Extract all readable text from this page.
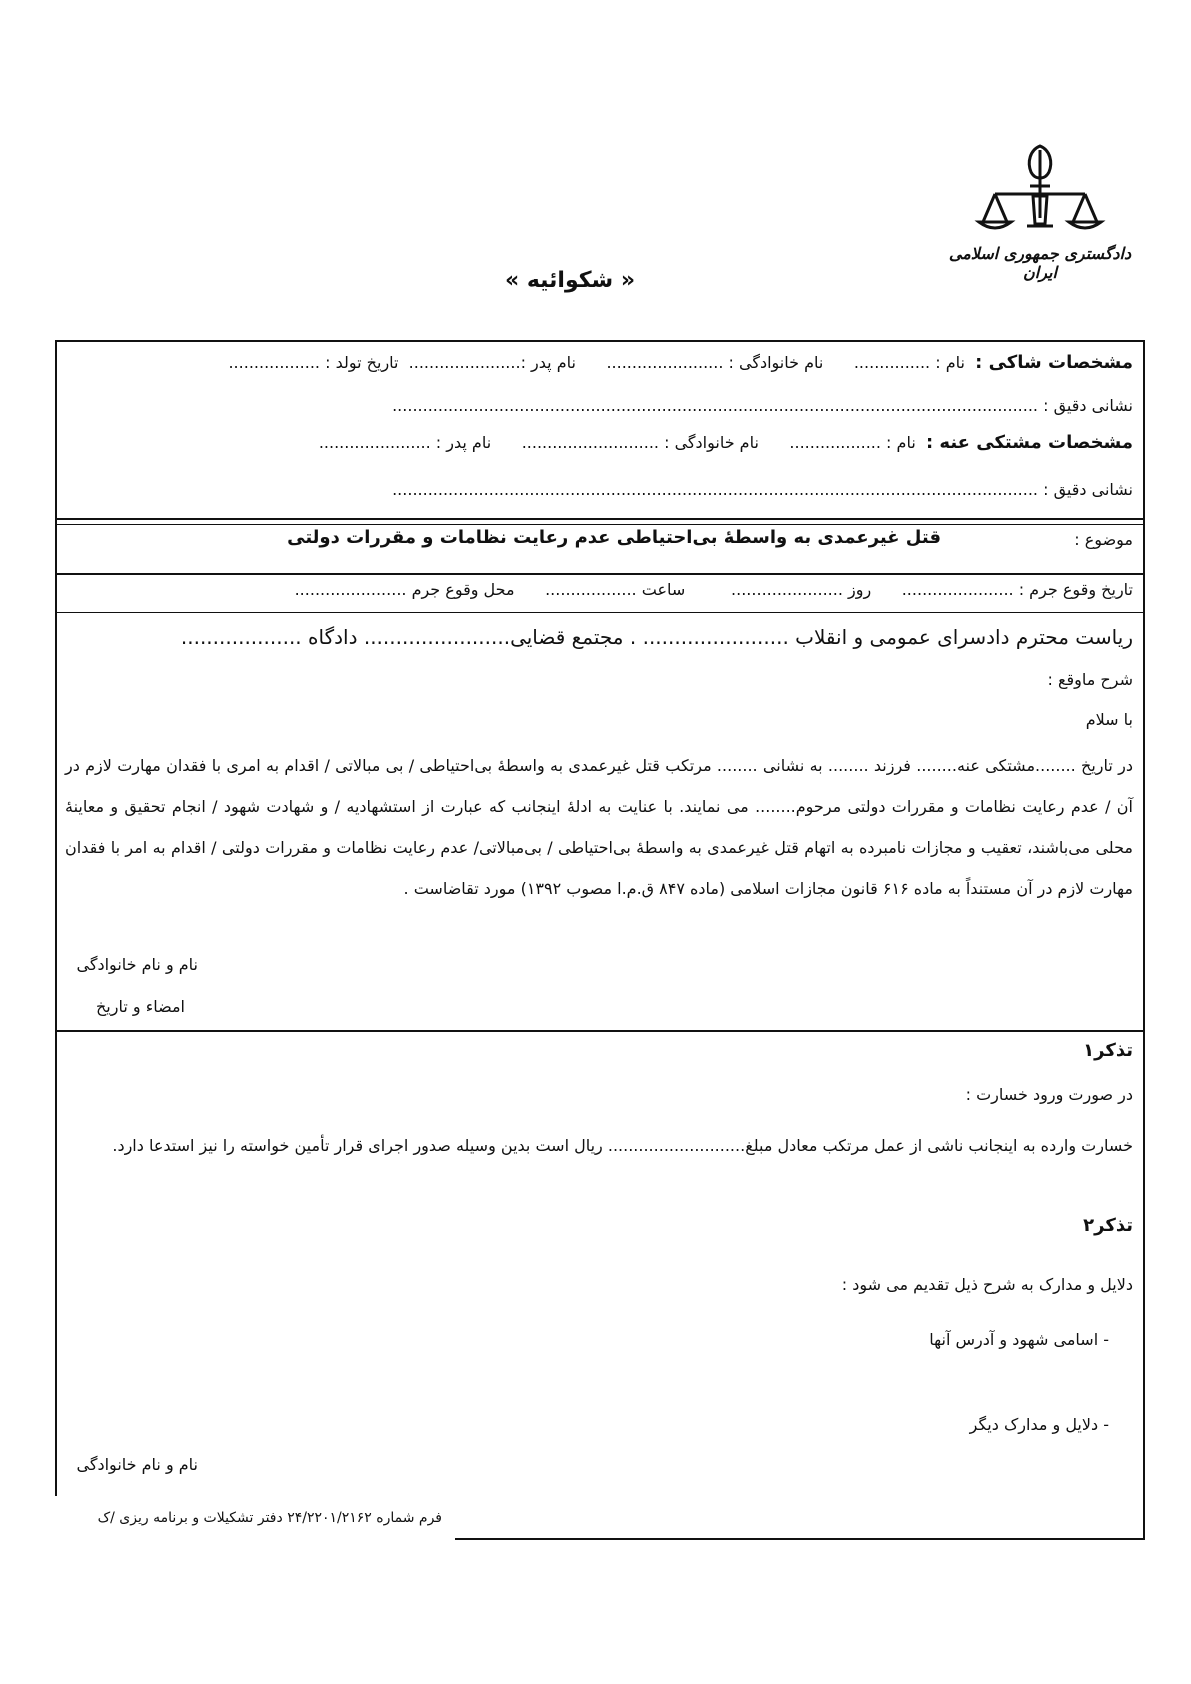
دادگستری جمهوری اسلامی ایران
« شکوائیه »
مشخصات شاکی :  نام : ...............      نام خانوادگی : .......................      نام پدر :......................  تاریخ تولد : ..................
نشانی دقیق : ...............................................................................................................................
مشخصات مشتکی عنه :  نام : ..................      نام خانوادگی : ...........................      نام پدر : ......................
نشانی دقیق : ...............................................................................................................................
موضوع :
قتل غیرعمدی به واسطهٔ بی‌احتیاطی عدم رعایت نظامات و مقررات دولتی
تاریخ وقوع جرم : ......................      روز ......................         ساعت ..................      محل وقوع جرم ......................
ریاست محترم دادسرای عمومی و انقلاب ....................... . مجتمع قضایی....................... دادگاه ...................
شرح ماوقع :
با سلام
در تاریخ ........مشتکی عنه........ فرزند ........ به نشانی ........ مرتکب قتل غیرعمدی به واسطهٔ بی‌احتیاطی / بی مبالاتی / اقدام به امری با فقدان مهارت لازم در آن / عدم رعایت نظامات و مقررات دولتی مرحوم........ می نمایند. با عنایت به ادلهٔ اینجانب که عبارت از استشهادیه / و شهادت شهود / انجام تحقیق و معاینهٔ محلی می‌باشند، تعقیب و مجازات نامبرده به اتهام قتل غیرعمدی به واسطهٔ بی‌احتیاطی / بی‌مبالاتی/ عدم رعایت نظامات و مقررات دولتی / اقدام به امر با فقدان مهارت لازم در آن مستنداً به ماده ۶۱۶ قانون مجازات اسلامی (ماده ۸۴۷ ق.م.ا مصوب ۱۳۹۲) مورد تقاضاست .
نام و نام خانوادگی
امضاء و تاریخ
تذکر۱
در صورت ورود خسارت :
خسارت وارده به اینجانب ناشی از عمل مرتکب معادل مبلغ........................... ریال است بدین وسیله صدور اجرای قرار تأمین خواسته را نیز استدعا دارد.
تذکر۲
دلایل و مدارک به شرح ذیل تقدیم می شود :
- اسامی شهود و آدرس آنها
- دلایل و مدارک دیگر
نام و نام خانوادگی
فرم شماره ۲۴/۲۲۰۱/۲۱۶۲ دفتر تشکیلات و برنامه ریزی /ک
